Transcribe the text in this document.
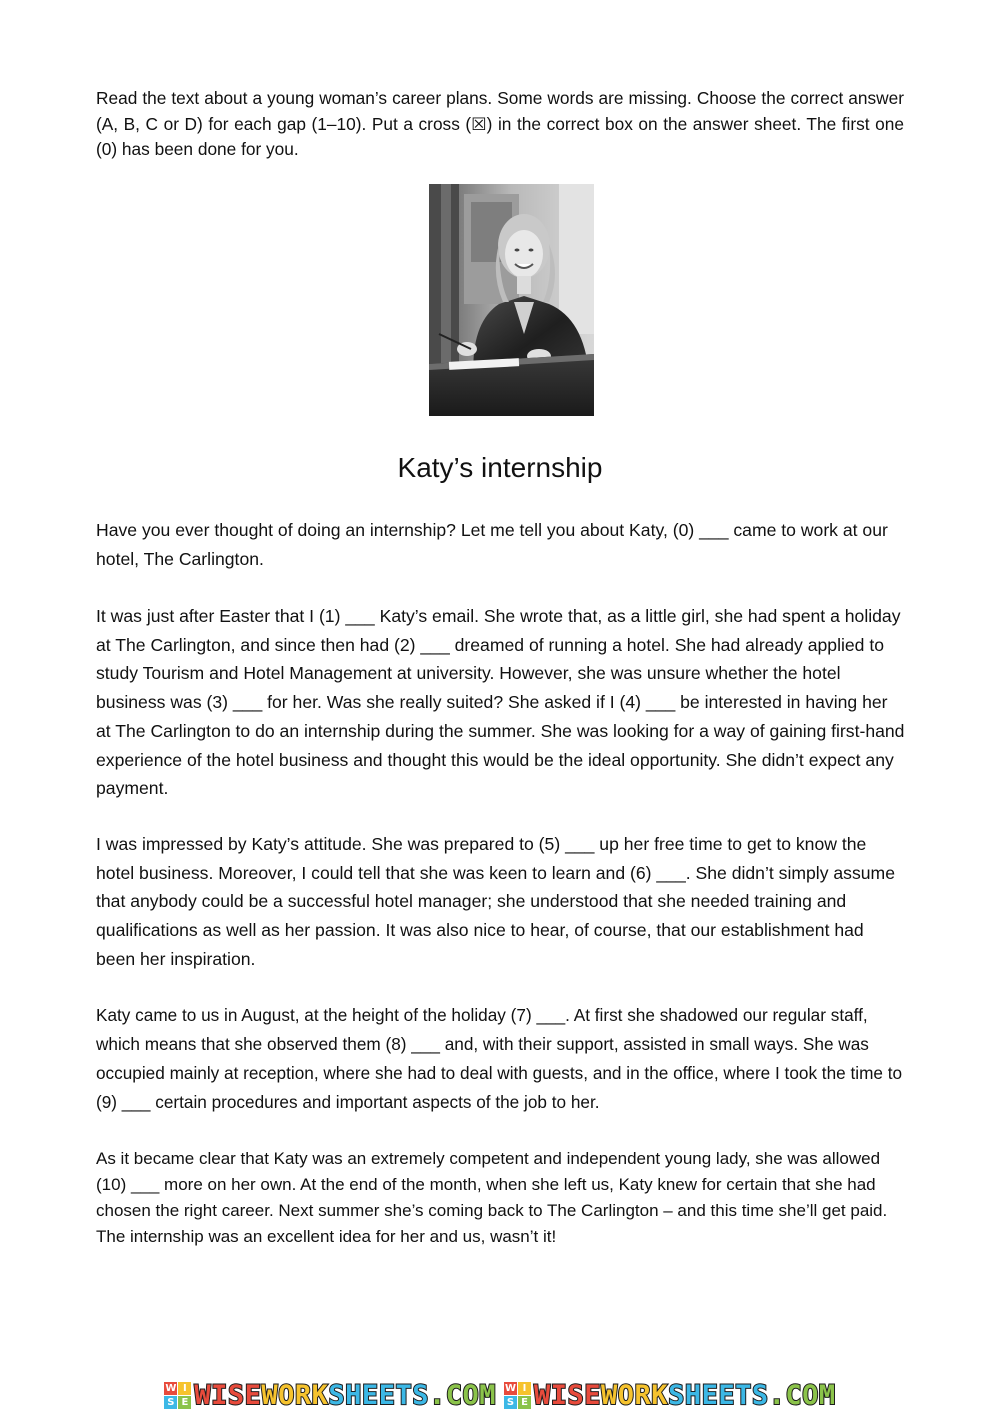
Read the text about a young woman’s career plans. Some words are missing. Choose the correct answer (A, B, C or D) for each gap (1–10). Put a cross (☒) in the correct box on the answer sheet. The first one (0) has been done for you.

Katy’s internship

Have you ever thought of doing an internship? Let me tell you about Katy, (0) ___ came to work at our hotel, The Carlington.

It was just after Easter that I (1) ___ Katy’s email. She wrote that, as a little girl, she had spent a holiday at The Carlington, and since then had (2) ___ dreamed of running a hotel. She had already applied to study Tourism and Hotel Management at university. However, she was unsure whether the hotel business was (3) ___ for her. Was she really suited? She asked if I (4) ___ be interested in having her at The Carlington to do an internship during the summer. She was looking for a way of gaining first-hand experience of the hotel business and thought this would be the ideal opportunity. She didn’t expect any payment.

I was impressed by Katy’s attitude. She was prepared to (5) ___ up her free time to get to know the hotel business. Moreover, I could tell that she was keen to learn and (6) ___. She didn’t simply assume that anybody could be a successful hotel manager; she understood that she needed training and qualifications as well as her passion. It was also nice to hear, of course, that our establishment had been her inspiration.

Katy came to us in August, at the height of the holiday (7) ___. At first she shadowed our regular staff, which means that she observed them (8) ___ and, with their support, assisted in small ways. She was occupied mainly at reception, where she had to deal with guests, and in the office, where I took the time to (9) ___ certain procedures and important aspects of the job to her.

As it became clear that Katy was an extremely competent and independent young lady, she was allowed (10) ___ more on her own. At the end of the month, when she left us, Katy knew for certain that she had chosen the right career. Next summer she’s coming back to The Carlington – and this time she’ll get paid. The internship was an excellent idea for her and us, wasn’t it!

W I
S E WISEWORKSHEETS.COM W I
S E WISEWORKSHEETS.COM
